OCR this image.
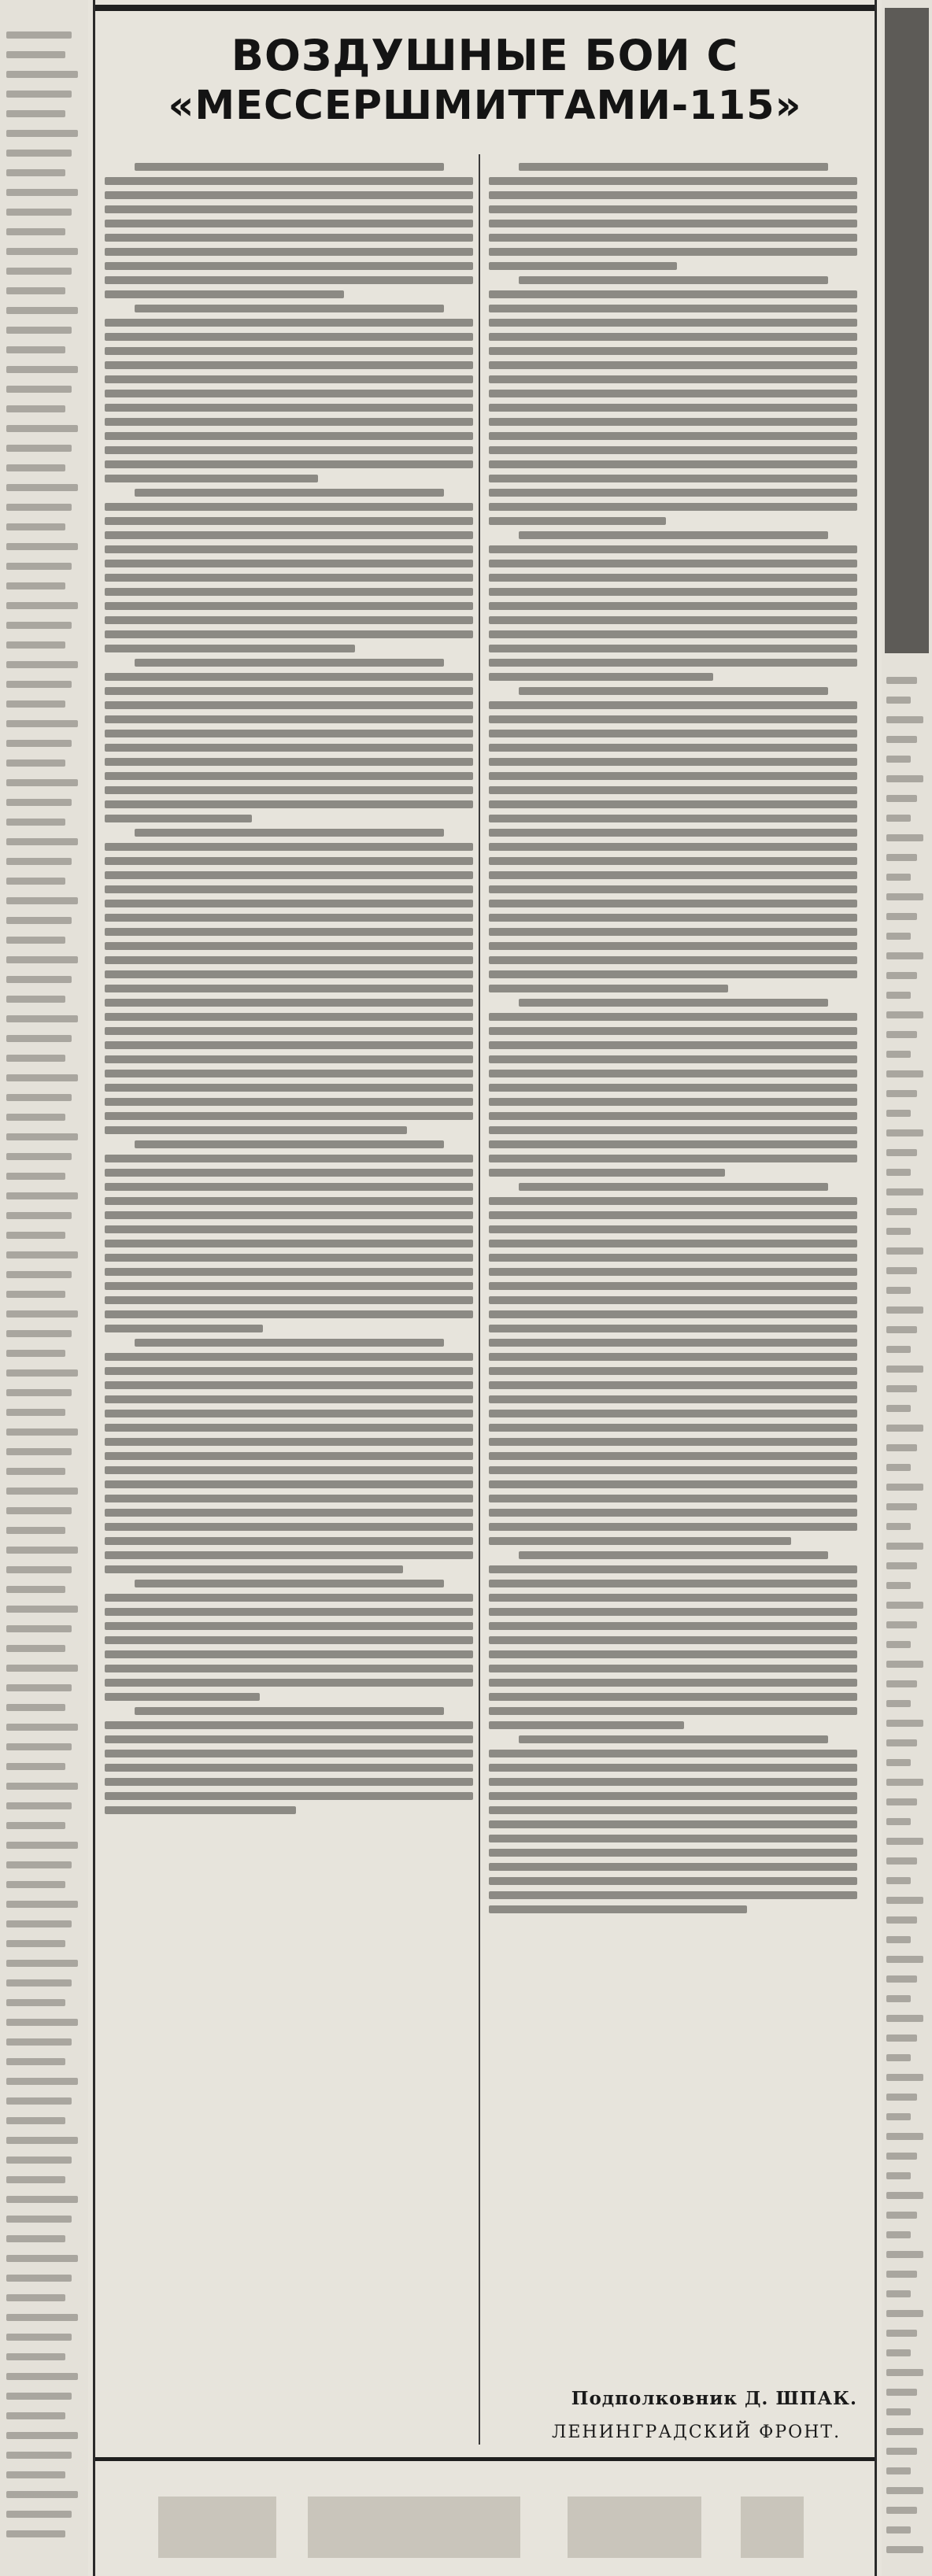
ВОЗДУШНЫЕ БОИ С
«МЕССЕРШМИТТАМИ-115»
Подполковник Д. ШПАК.
ЛЕНИНГРАДСКИЙ ФРОНТ.
